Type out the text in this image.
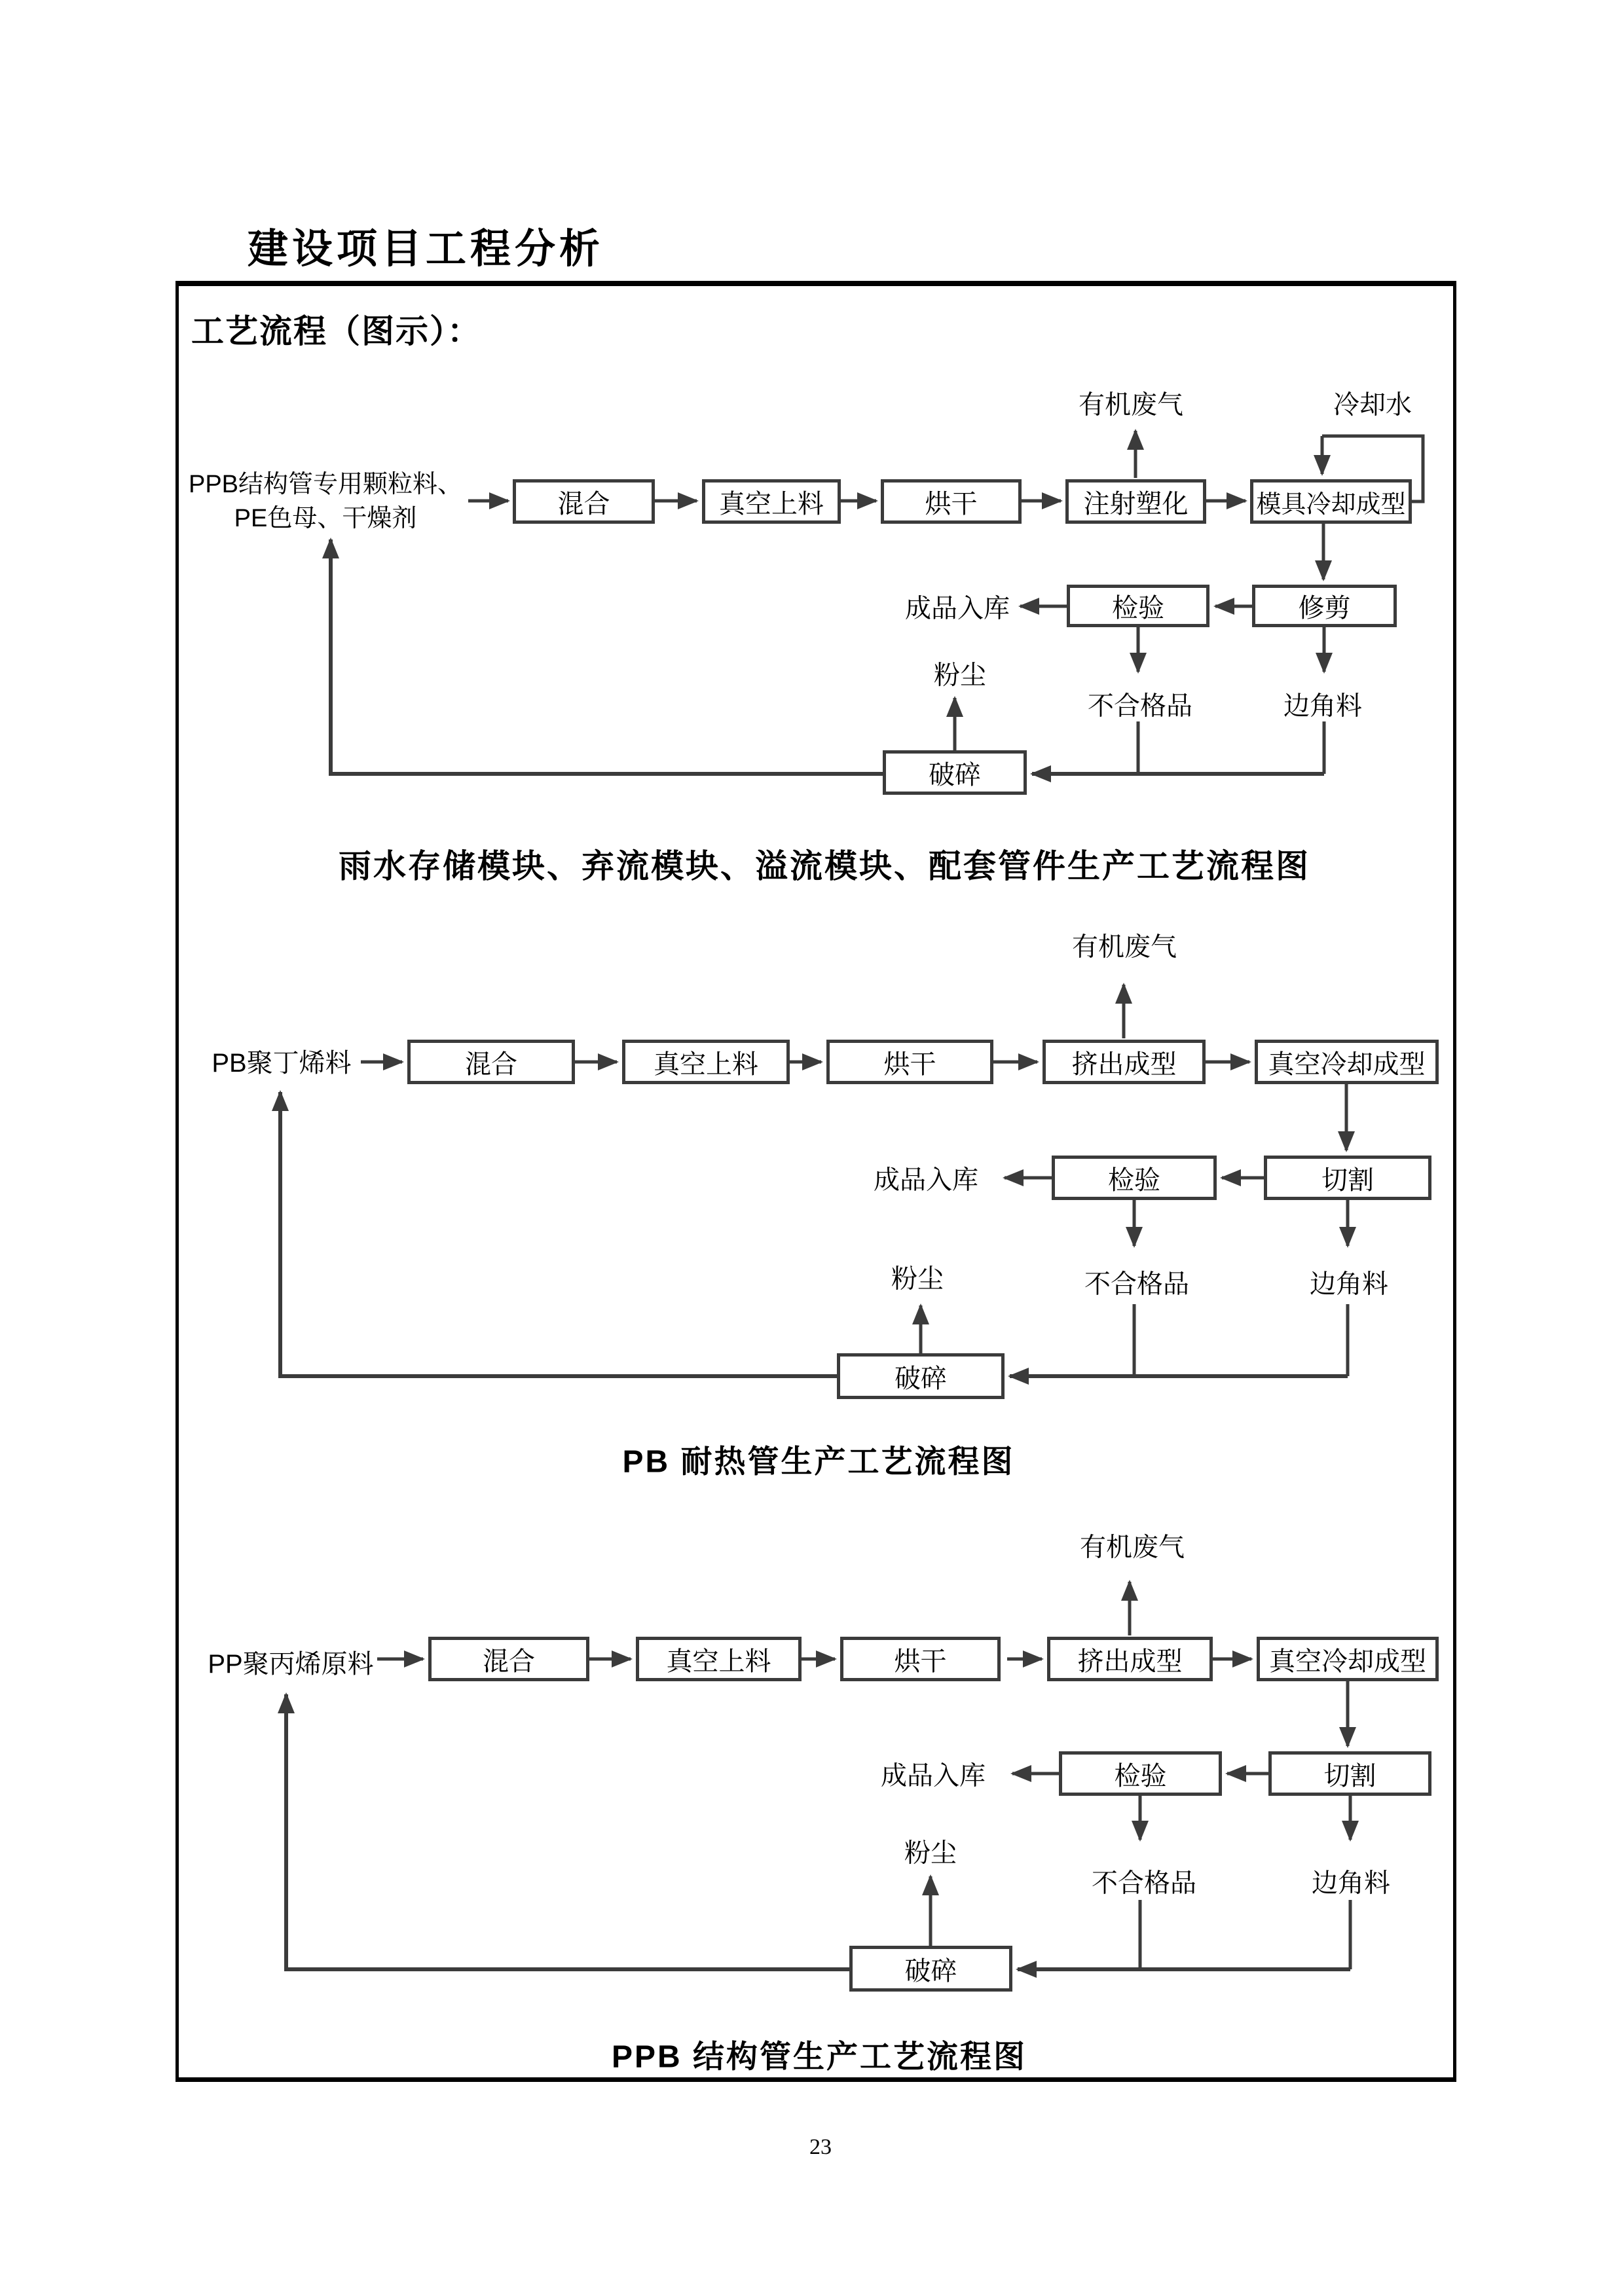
建设项目工程分析
工艺流程（图示）：
PPB结构管专用颗粒料、
PE色母、干燥剂
混合	真空上料	烘干	注射塑化	模具冷却成型
有机废气	冷却水
检验	修剪
成品入库
不合格品	边角料
粉尘
破碎
雨水存储模块、弃流模块、溢流模块、配套管件生产工艺流程图
PB聚丁烯料	混合	真空上料	烘干	挤出成型	真空冷却成型
有机废气
检验	切割
成品入库
不合格品	边角料
粉尘
破碎
PB 耐热管生产工艺流程图
PP聚丙烯原料	混合	真空上料	烘干	挤出成型	真空冷却成型
有机废气
检验	切割
成品入库
不合格品	边角料
粉尘
破碎
PPB 结构管生产工艺流程图
23
